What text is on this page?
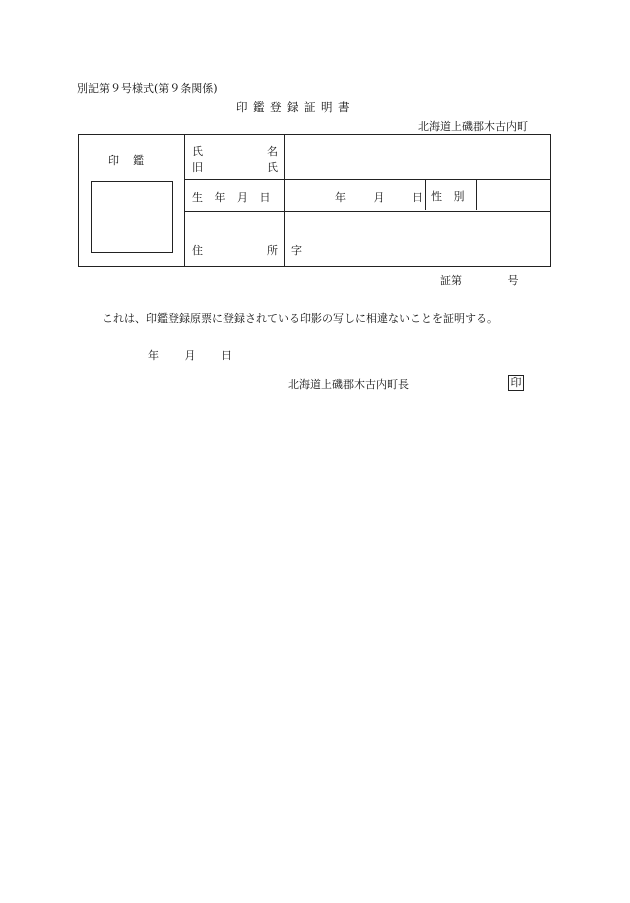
別記第９号様式(第９条関係)
印鑑登録証明書
北海道上磯郡木古内町
印鑑	氏 名
旧 氏	

	生 年 月 日	年 月 日 性 別

	住 所	字
証第 号
これは、印鑑登録原票に登録されている印影の写しに相違ないことを証明する。
年 月 日
北海道上磯郡木古内町長	印
